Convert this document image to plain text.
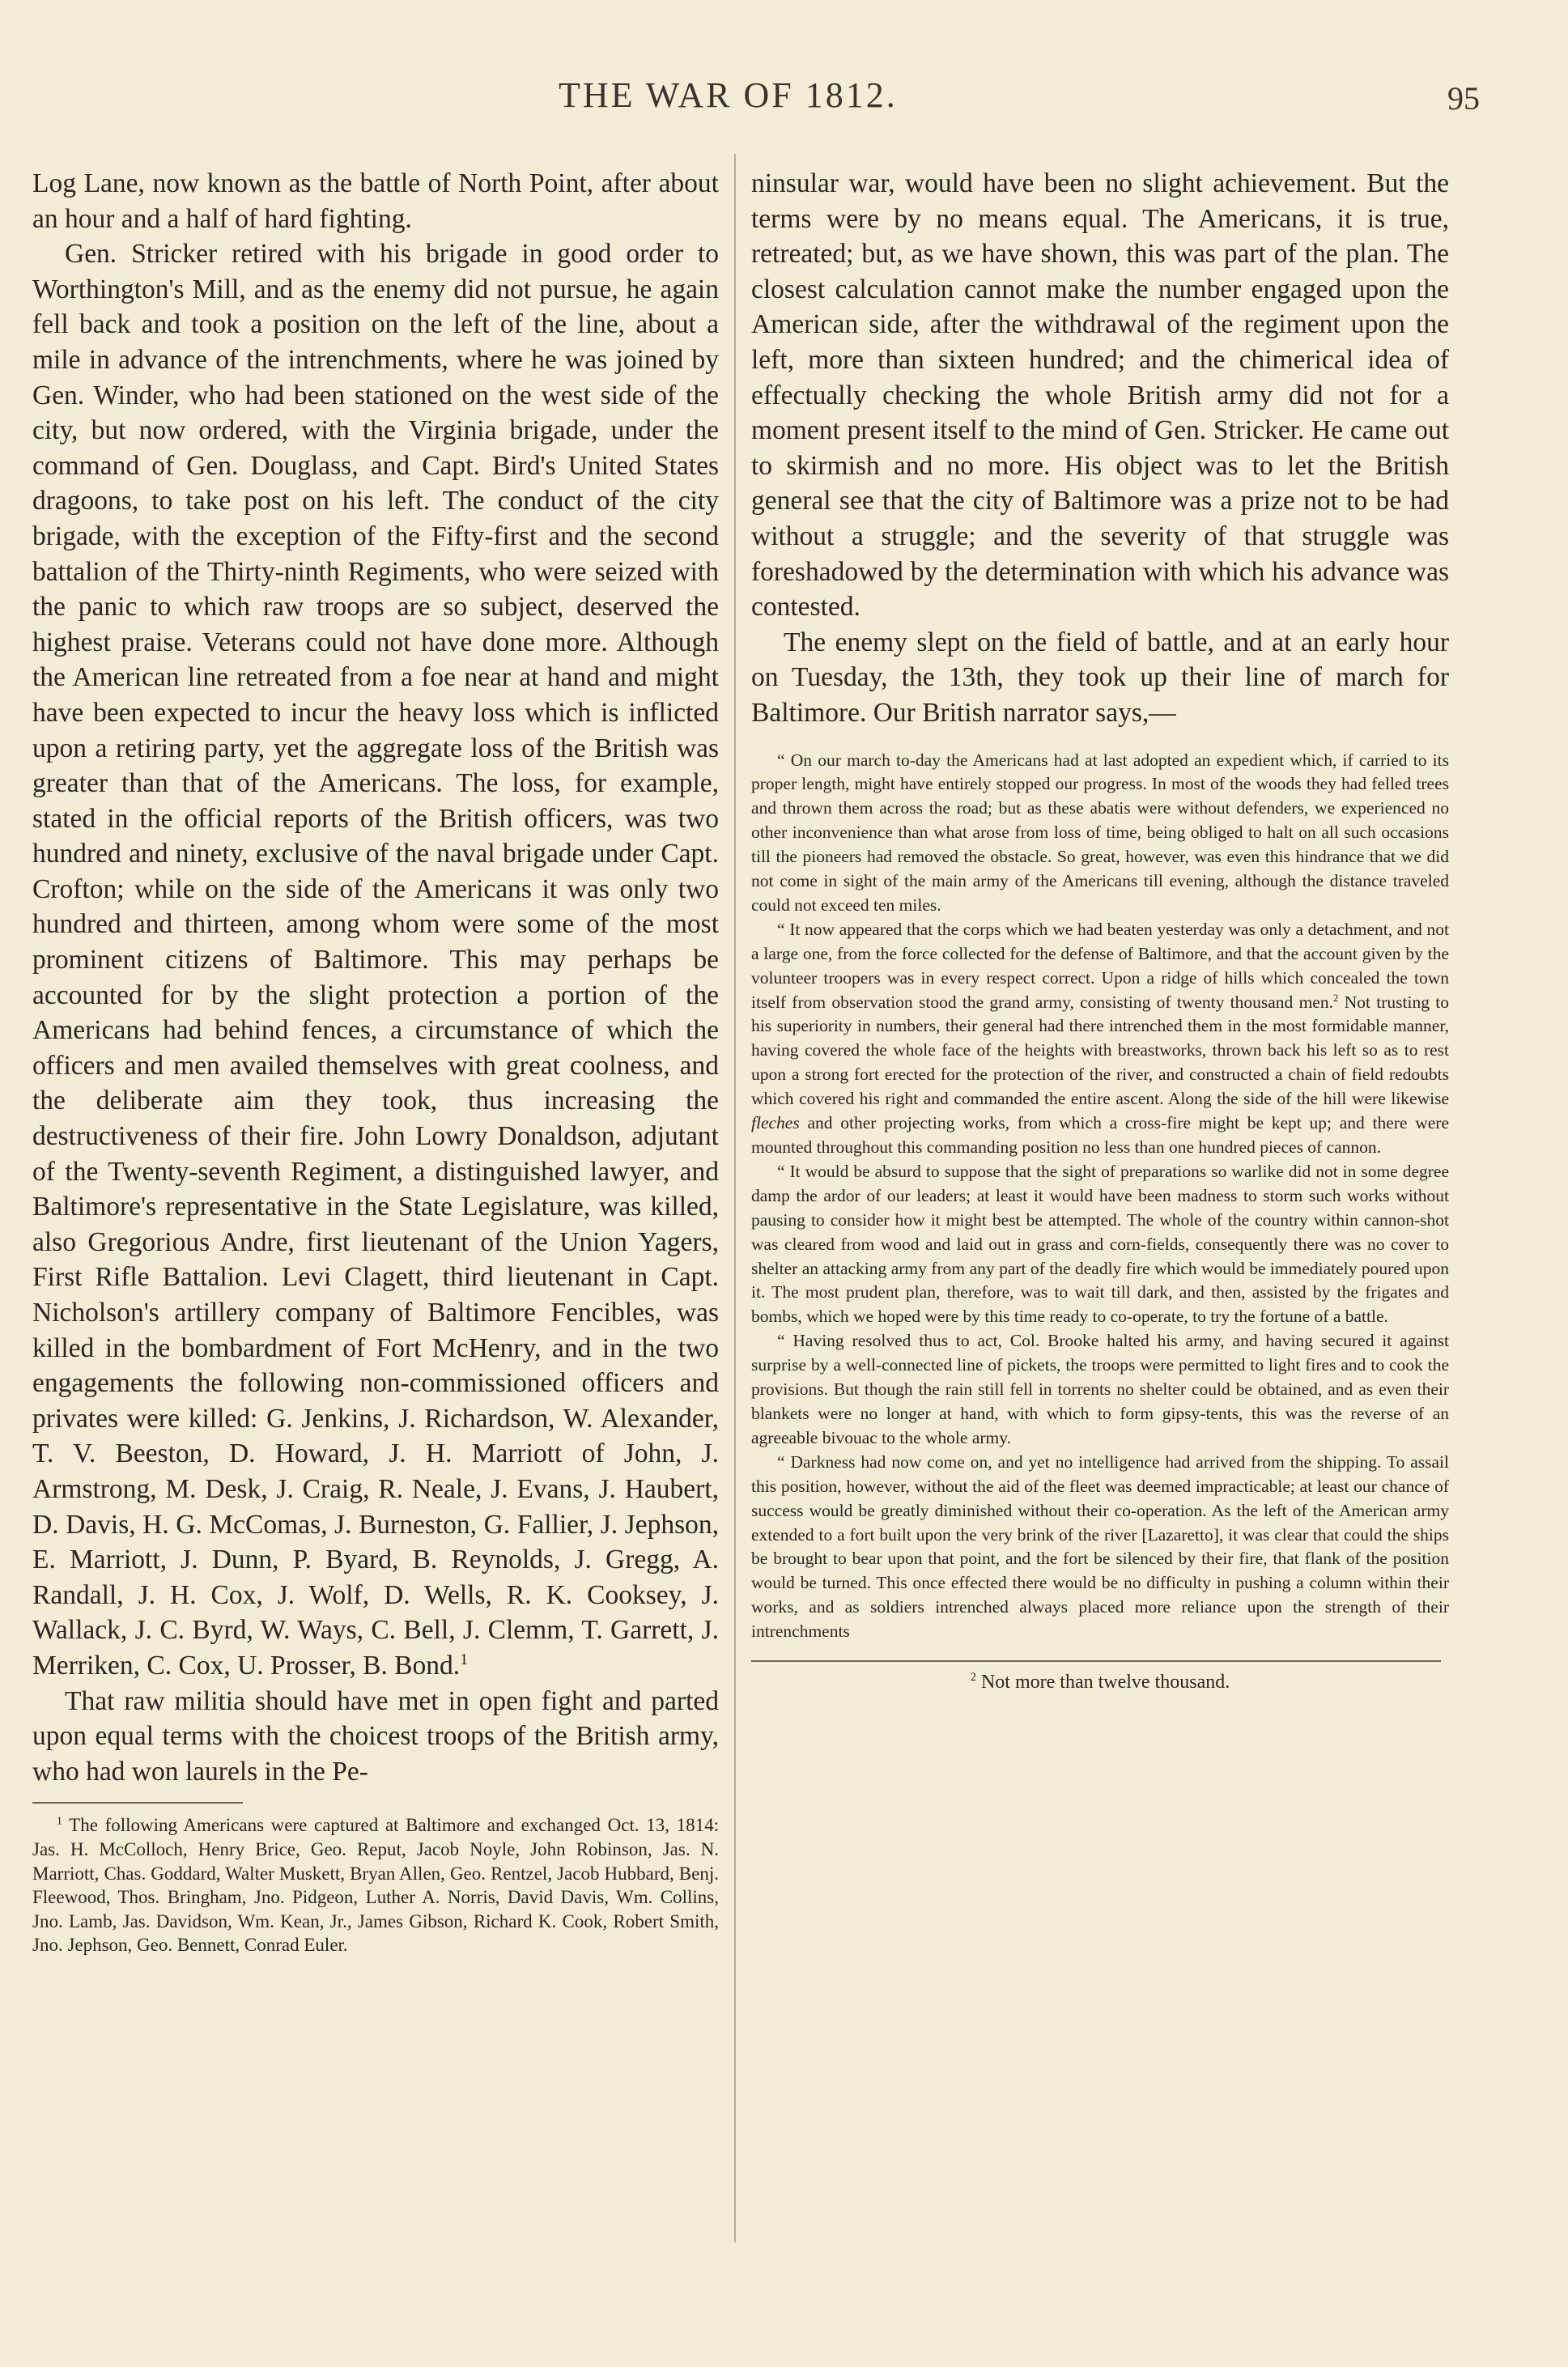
THE WAR OF 1812.	95

Log Lane, now known as the battle of North Point, after about an hour and a half of hard fighting.

Gen. Stricker retired with his brigade in good order to Worthington's Mill, and as the enemy did not pursue, he again fell back and took a position on the left of the line, about a mile in advance of the intrenchments, where he was joined by Gen. Winder, who had been stationed on the west side of the city, but now ordered, with the Virginia brigade, under the command of Gen. Douglass, and Capt. Bird's United States dragoons, to take post on his left. The conduct of the city brigade, with the exception of the Fifty-first and the second battalion of the Thirty-ninth Regiments, who were seized with the panic to which raw troops are so subject, deserved the highest praise. Veterans could not have done more. Although the American line retreated from a foe near at hand and might have been expected to incur the heavy loss which is inflicted upon a retiring party, yet the aggregate loss of the British was greater than that of the Americans. The loss, for example, stated in the official reports of the British officers, was two hundred and ninety, exclusive of the naval brigade under Capt. Crofton; while on the side of the Americans it was only two hundred and thirteen, among whom were some of the most prominent citizens of Baltimore. This may perhaps be accounted for by the slight protection a portion of the Americans had behind fences, a circumstance of which the officers and men availed themselves with great coolness, and the deliberate aim they took, thus increasing the destructiveness of their fire. John Lowry Donaldson, adjutant of the Twenty-seventh Regiment, a distinguished lawyer, and Baltimore's representative in the State Legislature, was killed, also Gregorious Andre, first lieutenant of the Union Yagers, First Rifle Battalion. Levi Clagett, third lieutenant in Capt. Nicholson's artillery company of Baltimore Fencibles, was killed in the bombardment of Fort McHenry, and in the two engagements the following non-commissioned officers and privates were killed: G. Jenkins, J. Richardson, W. Alexander, T. V. Beeston, D. Howard, J. H. Marriott of John, J. Armstrong, M. Desk, J. Craig, R. Neale, J. Evans, J. Haubert, D. Davis, H. G. McComas, J. Burneston, G. Fallier, J. Jephson, E. Marriott, J. Dunn, P. Byard, B. Reynolds, J. Gregg, A. Randall, J. H. Cox, J. Wolf, D. Wells, R. K. Cooksey, J. Wallack, J. C. Byrd, W. Ways, C. Bell, J. Clemm, T. Garrett, J. Merriken, C. Cox, U. Prosser, B. Bond.$^1$

That raw militia should have met in open fight and parted upon equal terms with the choicest troops of the British army, who had won laurels in the Pe-

$^1$ The following Americans were captured at Baltimore and exchanged Oct. 13, 1814: Jas. H. McColloch, Henry Brice, Geo. Reput, Jacob Noyle, John Robinson, Jas. N. Marriott, Chas. Goddard, Walter Muskett, Bryan Allen, Geo. Rentzel, Jacob Hubbard, Benj. Fleewood, Thos. Bringham, Jno. Pidgeon, Luther A. Norris, David Davis, Wm. Collins, Jno. Lamb, Jas. Davidson, Wm. Kean, Jr., James Gibson, Richard K. Cook, Robert Smith, Jno. Jephson, Geo. Bennett, Conrad Euler.

ninsular war, would have been no slight achievement. But the terms were by no means equal. The Americans, it is true, retreated; but, as we have shown, this was part of the plan. The closest calculation cannot make the number engaged upon the American side, after the withdrawal of the regiment upon the left, more than sixteen hundred; and the chimerical idea of effectually checking the whole British army did not for a moment present itself to the mind of Gen. Stricker. He came out to skirmish and no more. His object was to let the British general see that the city of Baltimore was a prize not to be had without a struggle; and the severity of that struggle was foreshadowed by the determination with which his advance was contested.

The enemy slept on the field of battle, and at an early hour on Tuesday, the 13th, they took up their line of march for Baltimore. Our British narrator says,—

“ On our march to-day the Americans had at last adopted an expedient which, if carried to its proper length, might have entirely stopped our progress. In most of the woods they had felled trees and thrown them across the road; but as these abatis were without defenders, we experienced no other inconvenience than what arose from loss of time, being obliged to halt on all such occasions till the pioneers had removed the obstacle. So great, however, was even this hindrance that we did not come in sight of the main army of the Americans till evening, although the distance traveled could not exceed ten miles.

“ It now appeared that the corps which we had beaten yesterday was only a detachment, and not a large one, from the force collected for the defense of Baltimore, and that the account given by the volunteer troopers was in every respect correct. Upon a ridge of hills which concealed the town itself from observation stood the grand army, consisting of twenty thousand men.$^2$ Not trusting to his superiority in numbers, their general had there intrenched them in the most formidable manner, having covered the whole face of the heights with breastworks, thrown back his left so as to rest upon a strong fort erected for the protection of the river, and constructed a chain of field redoubts which covered his right and commanded the entire ascent. Along the side of the hill were likewise fleches and other projecting works, from which a cross-fire might be kept up; and there were mounted throughout this commanding position no less than one hundred pieces of cannon.

“ It would be absurd to suppose that the sight of preparations so warlike did not in some degree damp the ardor of our leaders; at least it would have been madness to storm such works without pausing to consider how it might best be attempted. The whole of the country within cannon-shot was cleared from wood and laid out in grass and corn-fields, consequently there was no cover to shelter an attacking army from any part of the deadly fire which would be immediately poured upon it. The most prudent plan, therefore, was to wait till dark, and then, assisted by the frigates and bombs, which we hoped were by this time ready to co-operate, to try the fortune of a battle.

“ Having resolved thus to act, Col. Brooke halted his army, and having secured it against surprise by a well-connected line of pickets, the troops were permitted to light fires and to cook the provisions. But though the rain still fell in torrents no shelter could be obtained, and as even their blankets were no longer at hand, with which to form gipsy-tents, this was the reverse of an agreeable bivouac to the whole army.

“ Darkness had now come on, and yet no intelligence had arrived from the shipping. To assail this position, however, without the aid of the fleet was deemed impracticable; at least our chance of success would be greatly diminished without their co-operation. As the left of the American army extended to a fort built upon the very brink of the river [Lazaretto], it was clear that could the ships be brought to bear upon that point, and the fort be silenced by their fire, that flank of the position would be turned. This once effected there would be no difficulty in pushing a column within their works, and as soldiers intrenched always placed more reliance upon the strength of their intrenchments

$^2$ Not more than twelve thousand.
